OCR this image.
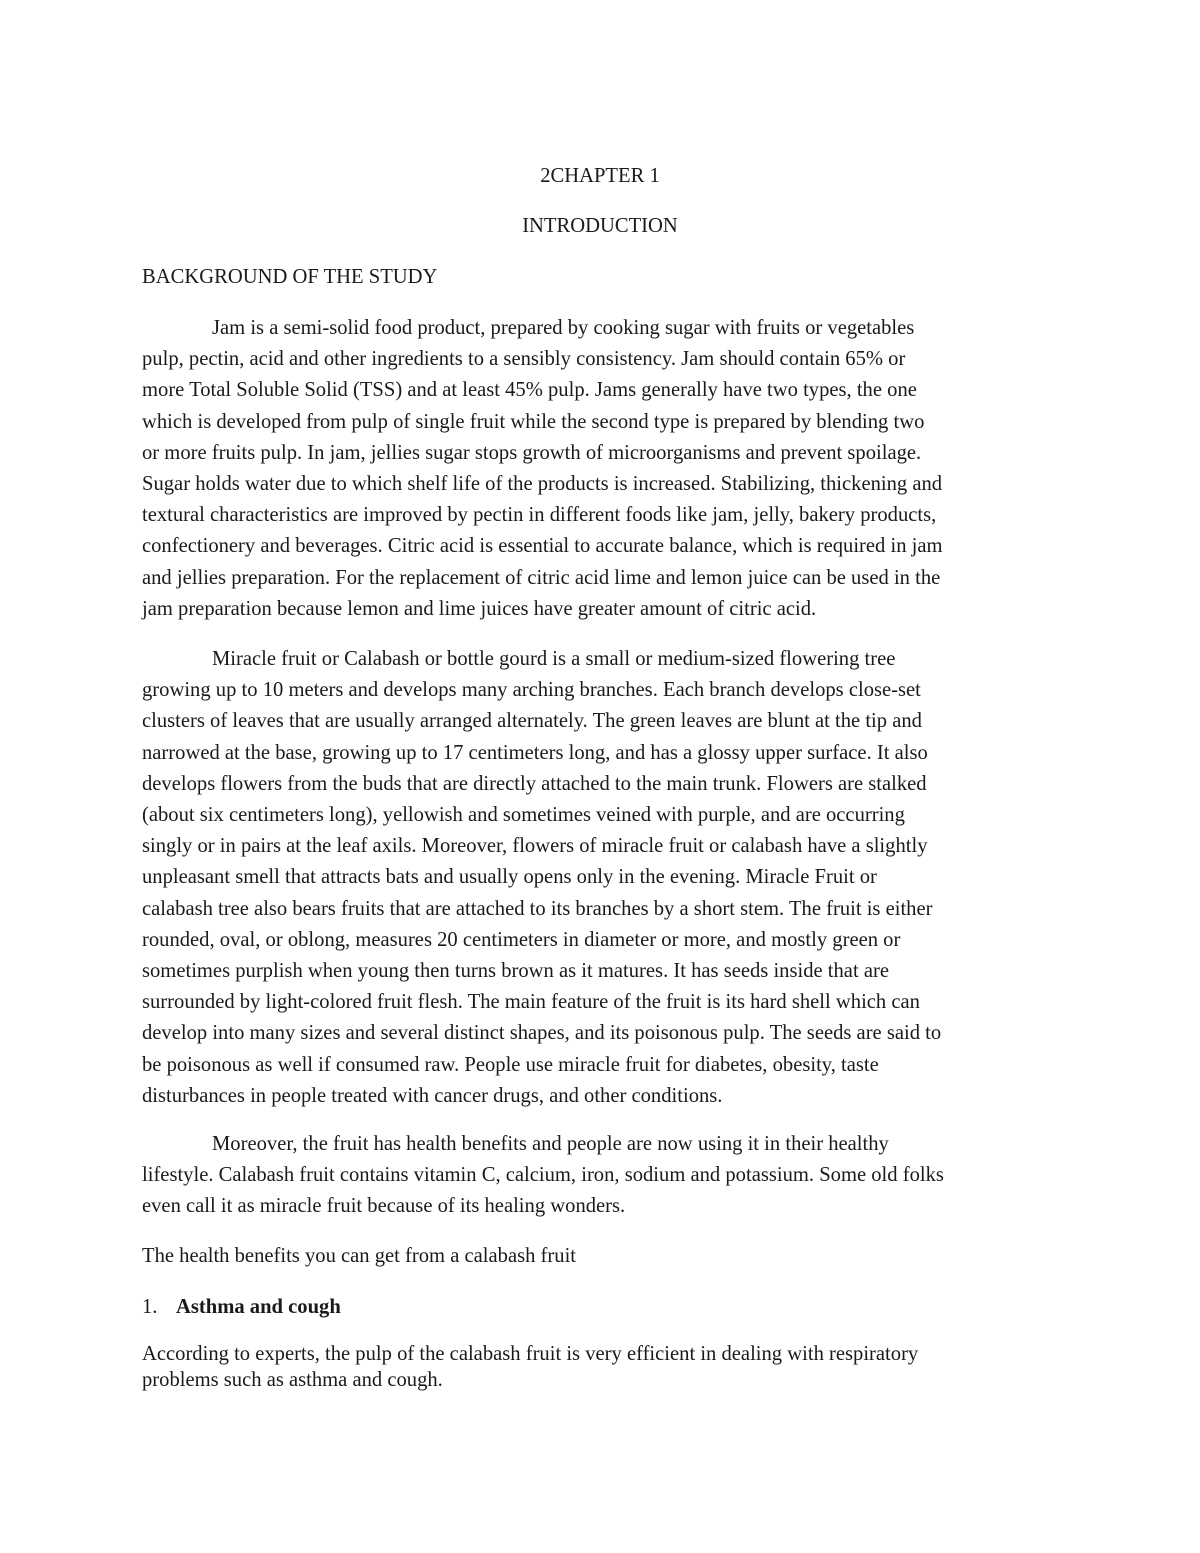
2CHAPTER 1
INTRODUCTION
BACKGROUND OF THE STUDY
Jam is a semi-solid food product, prepared by cooking sugar with fruits or vegetables
pulp, pectin, acid and other ingredients to a sensibly consistency. Jam should contain 65% or
more Total Soluble Solid (TSS) and at least 45% pulp. Jams generally have two types, the one
which is developed from pulp of single fruit while the second type is prepared by blending two
or more fruits pulp. In jam, jellies sugar stops growth of microorganisms and prevent spoilage.
Sugar holds water due to which shelf life of the products is increased. Stabilizing, thickening and
textural characteristics are improved by pectin in different foods like jam, jelly, bakery products,
confectionery and beverages. Citric acid is essential to accurate balance, which is required in jam
and jellies preparation. For the replacement of citric acid lime and lemon juice can be used in the
jam preparation because lemon and lime juices have greater amount of citric acid.
Miracle fruit or Calabash or bottle gourd is a small or medium-sized flowering tree
growing up to 10 meters and develops many arching branches. Each branch develops close-set
clusters of leaves that are usually arranged alternately. The green leaves are blunt at the tip and
narrowed at the base, growing up to 17 centimeters long, and has a glossy upper surface. It also
develops flowers from the buds that are directly attached to the main trunk. Flowers are stalked
(about six centimeters long), yellowish and sometimes veined with purple, and are occurring
singly or in pairs at the leaf axils. Moreover, flowers of miracle fruit or calabash have a slightly
unpleasant smell that attracts bats and usually opens only in the evening. Miracle Fruit or
calabash tree also bears fruits that are attached to its branches by a short stem. The fruit is either
rounded, oval, or oblong, measures 20 centimeters in diameter or more, and mostly green or
sometimes purplish when young then turns brown as it matures. It has seeds inside that are
surrounded by light-colored fruit flesh. The main feature of the fruit is its hard shell which can
develop into many sizes and several distinct shapes, and its poisonous pulp. The seeds are said to
be poisonous as well if consumed raw. People use miracle fruit for diabetes, obesity, taste
disturbances in people treated with cancer drugs, and other conditions.
Moreover, the fruit has health benefits and people are now using it in their healthy
lifestyle. Calabash fruit contains vitamin C, calcium, iron, sodium and potassium. Some old folks
even call it as miracle fruit because of its healing wonders.
The health benefits you can get from a calabash fruit
1. Asthma and cough
According to experts, the pulp of the calabash fruit is very efficient in dealing with respiratory
problems such as asthma and cough.
